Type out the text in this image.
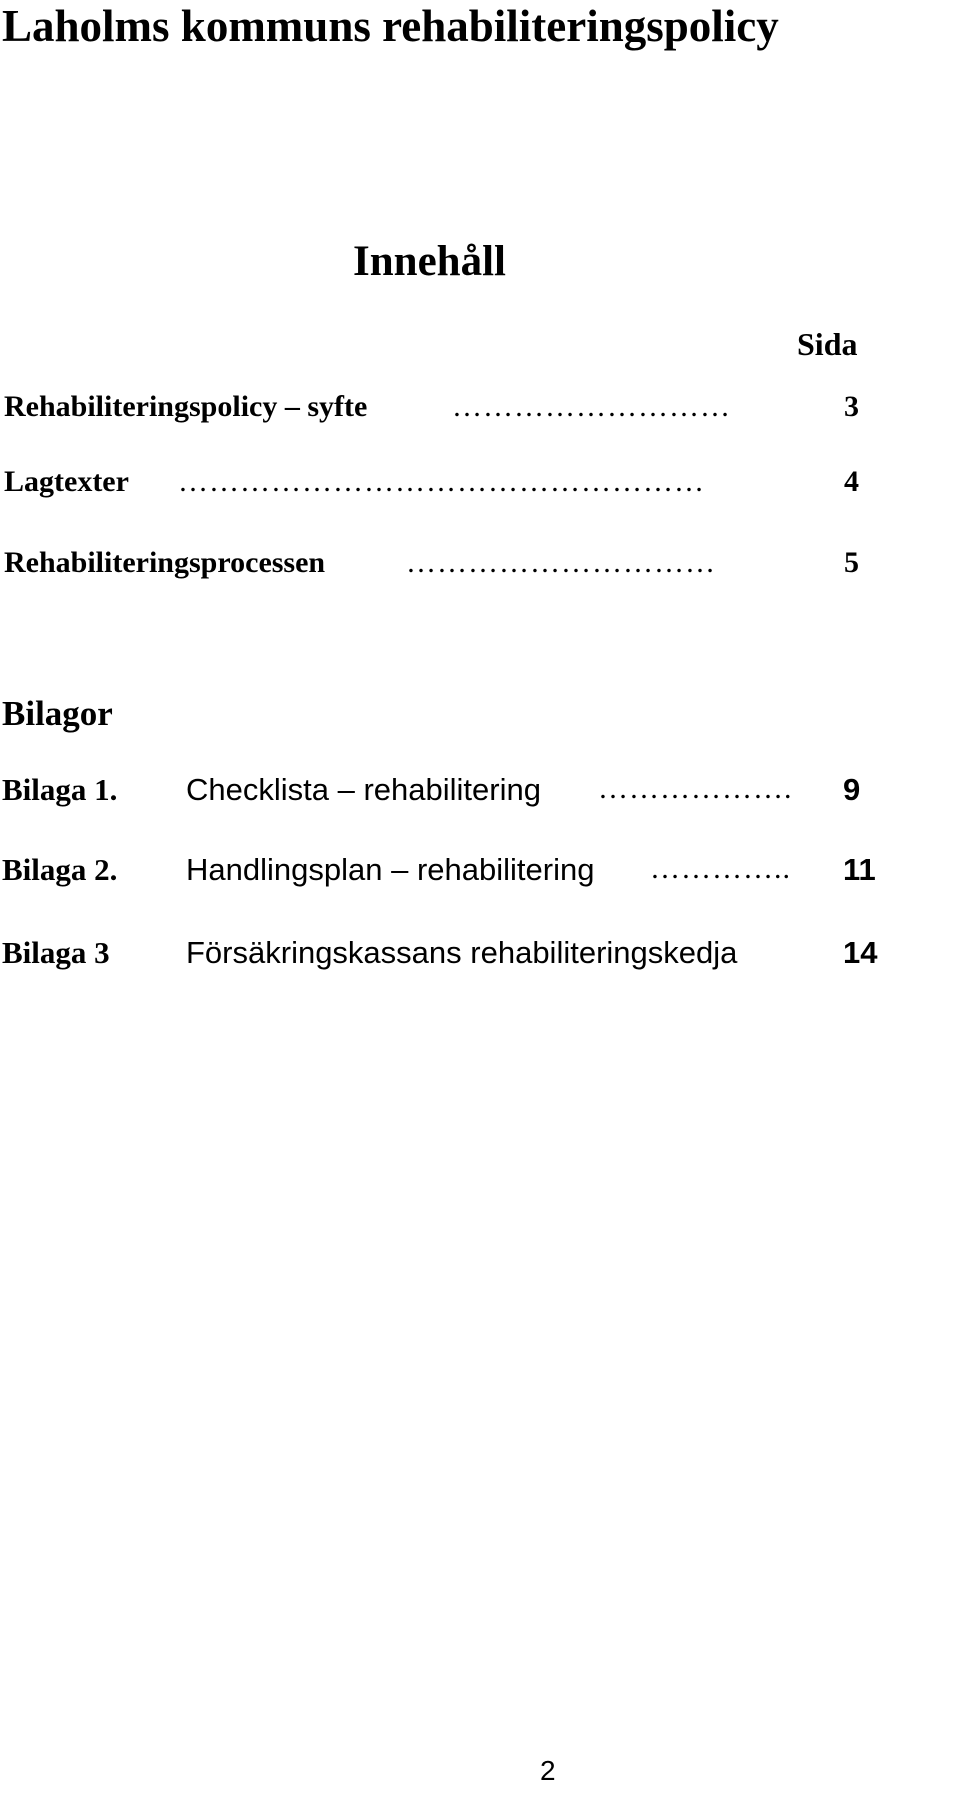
Laholms kommuns rehabiliteringspolicy
Innehåll
Sida
Rehabiliteringspolicy – syfte	………………………	3
Lagtexter ……………………………………………	4
Rehabiliteringsprocessen	…………………………	5
Bilagor
Bilaga 1. Checklista – rehabilitering ………………. 9
Bilaga 2. Handlingsplan – rehabilitering ………….. 11
Bilaga 3 Försäkringskassans rehabiliteringskedja	14
2
